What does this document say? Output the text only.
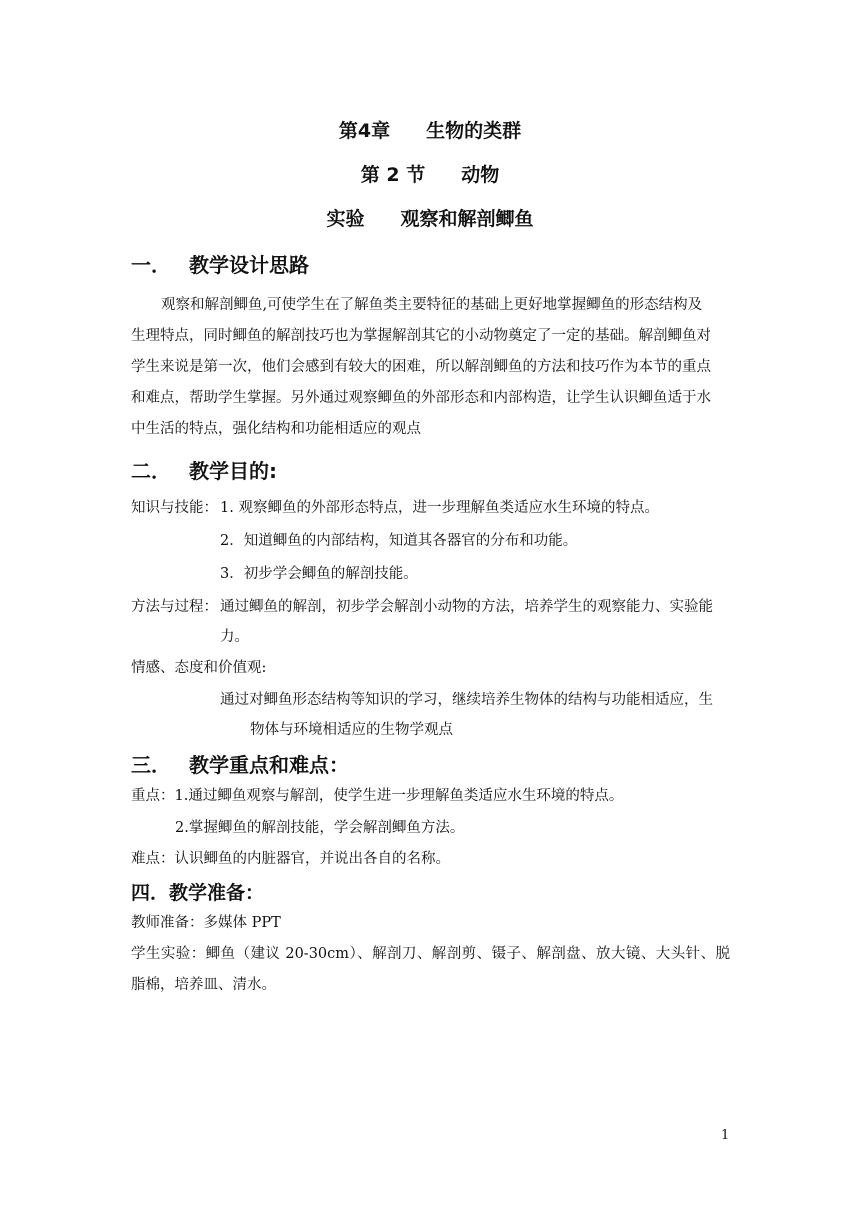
第4章 生物的类群
第 2 节 动物
实验 观察和解剖鲫鱼
一． 教学设计思路
观察和解剖鲫鱼,可使学生在了解鱼类主要特征的基础上更好地掌握鲫鱼的形态结构及
生理特点，同时鲫鱼的解剖技巧也为掌握解剖其它的小动物奠定了一定的基础。解剖鲫鱼对
学生来说是第一次，他们会感到有较大的困难，所以解剖鲫鱼的方法和技巧作为本节的重点
和难点，帮助学生掌握。另外通过观察鲫鱼的外部形态和内部构造，让学生认识鲫鱼适于水
中生活的特点，强化结构和功能相适应的观点
二． 教学目的:
知识与技能： 1. 观察鲫鱼的外部形态特点，进一步理解鱼类适应水生环境的特点。
2．知道鲫鱼的内部结构，知道其各器官的分布和功能。
3．初步学会鲫鱼的解剖技能。
方法与过程： 通过鲫鱼的解剖，初步学会解剖小动物的方法，培养学生的观察能力、实验能
力。
情感、态度和价值观:
通过对鲫鱼形态结构等知识的学习，继续培养生物体的结构与功能相适应，生
物体与环境相适应的生物学观点
三． 教学重点和难点：
重点：1.通过鲫鱼观察与解剖，使学生进一步理解鱼类适应水生环境的特点。
2.掌握鲫鱼的解剖技能，学会解剖鲫鱼方法。
难点：认识鲫鱼的内脏器官，并说出各自的名称。
四．教学准备：
教师准备：多媒体 PPT
学生实验：鲫鱼（建议 20-30cm）、解剖刀、解剖剪、镊子、解剖盘、放大镜、大头针、脱
脂棉，培养皿、清水。
1
